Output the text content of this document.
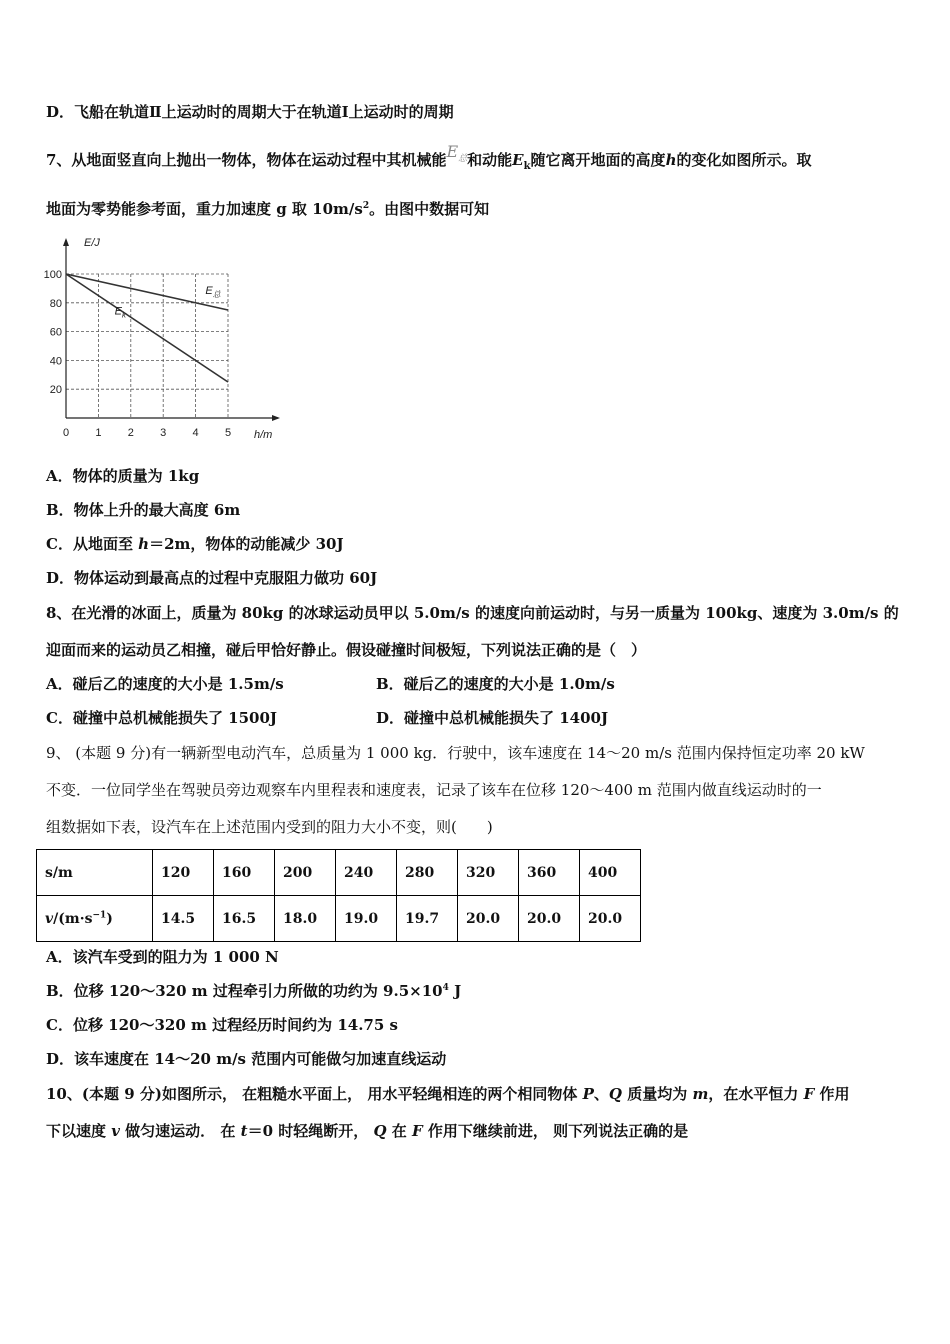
D．飞船在轨道Ⅱ上运动时的周期大于在轨道Ⅰ上运动时的周期
7、从地面竖直向上抛出一物体，物体在运动过程中其机械能$E_总$和动能$E_k$随它离开地面的高度h的变化如图所示。取
地面为零势能参考面，重力加速度 g 取 $10m/s^2$。由图中数据可知
0 1 2 3 4 5
20
40
60
80
100
$E_总$
$E_k$
E/J
h/m
A．物体的质量为 1kg
B．物体上升的最大高度 6m
C．从地面至 h＝2m，物体的动能减少 30J
D．物体运动到最高点的过程中克服阻力做功 60J
8、在光滑的冰面上，质量为 80kg 的冰球运动员甲以 5.0m/s 的速度向前运动时，与另一质量为 100kg、速度为 3.0m/s 的
迎面而来的运动员乙相撞，碰后甲恰好静止。假设碰撞时间极短，下列说法正确的是（　）
A．碰后乙的速度的大小是 1.5m/s	B．碰后乙的速度的大小是 1.0m/s
C．碰撞中总机械能损失了 1500J	D．碰撞中总机械能损失了 1400J
9、 (本题 9 分)有一辆新型电动汽车，总质量为 1 000 kg．行驶中，该车速度在 14～20 m/s 范围内保持恒定功率 20 kW
不变．一位同学坐在驾驶员旁边观察车内里程表和速度表，记录了该车在位移 120～400 m 范围内做直线运动时的一
组数据如下表，设汽车在上述范围内受到的阻力大小不变，则(　　)
s/m	120	160	200	240	280	320	360	400
$v/(m\cdot s^{-1})$	14.5	16.5	18.0	19.0	19.7	20.0	20.0	20.0
A．该汽车受到的阻力为 1 000 N
B．位移 120～320 m 过程牵引力所做的功约为 $9.5\times 10^4$ J
C．位移 120～320 m 过程经历时间约为 14.75 s
D．该车速度在 14～20 m/s 范围内可能做匀加速直线运动
10、(本题 9 分)如图所示， 在粗糙水平面上， 用水平轻绳相连的两个相同物体 P、Q 质量均为 m，在水平恒力 F 作用
下以速度 v 做匀速运动． 在 t＝0 时轻绳断开， Q 在 F 作用下继续前进， 则下列说法正确的是
